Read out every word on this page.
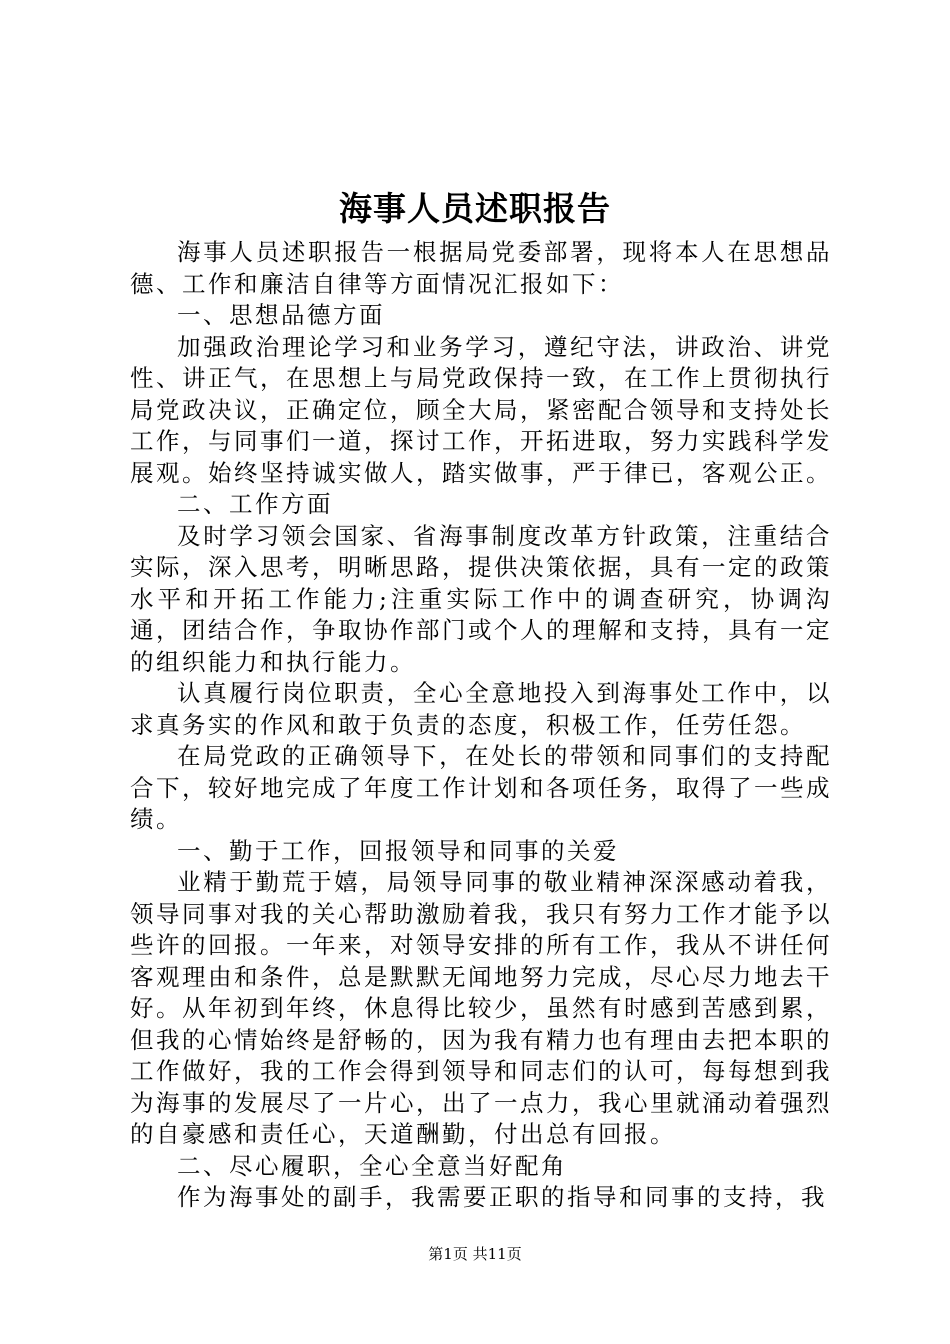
海事人员述职报告

海事人员述职报告一根据局党委部署，现将本人在思想品德、工作和廉洁自律等方面情况汇报如下：

一、思想品德方面

加强政治理论学习和业务学习，遵纪守法，讲政治、讲党性、讲正气，在思想上与局党政保持一致，在工作上贯彻执行局党政决议，正确定位，顾全大局，紧密配合领导和支持处长工作，与同事们一道，探讨工作，开拓进取，努力实践科学发展观。始终坚持诚实做人，踏实做事，严于律已，客观公正。

二、工作方面

及时学习领会国家、省海事制度改革方针政策，注重结合实际，深入思考，明晰思路，提供决策依据，具有一定的政策水平和开拓工作能力;注重实际工作中的调查研究，协调沟通，团结合作，争取协作部门或个人的理解和支持，具有一定的组织能力和执行能力。

认真履行岗位职责，全心全意地投入到海事处工作中，以求真务实的作风和敢于负责的态度，积极工作，任劳任怨。

在局党政的正确领导下，在处长的带领和同事们的支持配合下，较好地完成了年度工作计划和各项任务，取得了一些成绩。

一、勤于工作，回报领导和同事的关爱

业精于勤荒于嬉，局领导同事的敬业精神深深感动着我，领导同事对我的关心帮助激励着我，我只有努力工作才能予以些许的回报。一年来，对领导安排的所有工作，我从不讲任何客观理由和条件，总是默默无闻地努力完成，尽心尽力地去干好。从年初到年终，休息得比较少，虽然有时感到苦感到累，但我的心情始终是舒畅的，因为我有精力也有理由去把本职的工作做好，我的工作会得到领导和同志们的认可，每每想到我为海事的发展尽了一片心，出了一点力，我心里就涌动着强烈的自豪感和责任心，天道酬勤，付出总有回报。

二、尽心履职，全心全意当好配角

作为海事处的副手，我需要正职的指导和同事的支持，我

第1页 共11页
